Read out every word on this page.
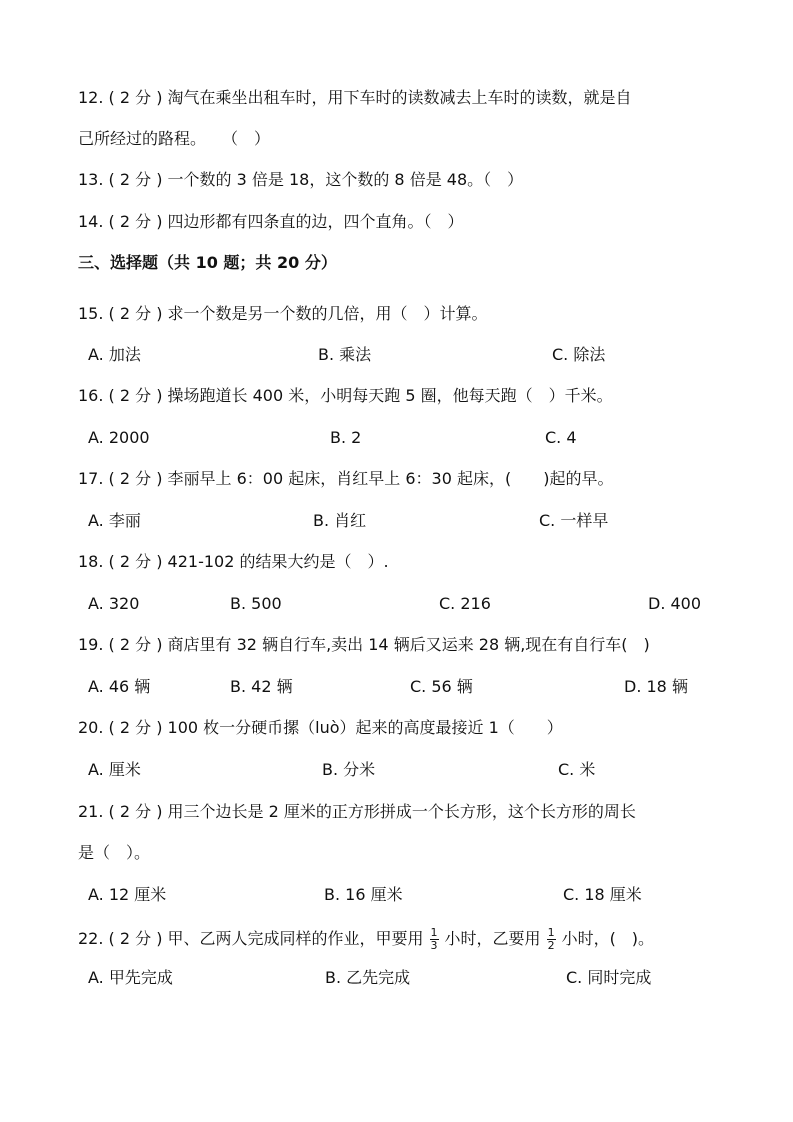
12. ( 2 分 ) 淘气在乘坐出租车时，用下车时的读数减去上车时的读数，就是自
己所经过的路程。　　（　）
13. ( 2 分 ) 一个数的 3 倍是 18，这个数的 8 倍是 48。（　）
14. ( 2 分 ) 四边形都有四条直的边，四个直角。（　）
三、选择题（共 10 题；共 20 分）
15. ( 2 分 ) 求一个数是另一个数的几倍，用（　）计算。
A. 加法	B. 乘法	C. 除法
16. ( 2 分 ) 操场跑道长 400 米，小明每天跑 5 圈，他每天跑（　）千米。
A. 2000	B. 2	C. 4
17. ( 2 分 ) 李丽早上 6：00 起床，肖红早上 6：30 起床，(　　)起的早。
A. 李丽	B. 肖红	C. 一样早
18. ( 2 分 ) 421-102 的结果大约是（　）.
A. 320	B. 500	C. 216	D. 400
19. ( 2 分 ) 商店里有 32 辆自行车,卖出 14 辆后又运来 28 辆,现在有自行车(　)
A. 46 辆	B. 42 辆	C. 56 辆	D. 18 辆
20. ( 2 分 ) 100 枚一分硬币摞（luò）起来的高度最接近 1（　　）
A. 厘米	B. 分米	C. 米
21. ( 2 分 ) 用三个边长是 2 厘米的正方形拼成一个长方形，这个长方形的周长
是（　）。
A. 12 厘米	B. 16 厘米	C. 18 厘米
22. ( 2 分 ) 甲、乙两人完成同样的作业，甲要用 $\frac{1}{3}$ 小时，乙要用 $\frac{1}{2}$ 小时，(　)。
A. 甲先完成	B. 乙先完成	C. 同时完成
